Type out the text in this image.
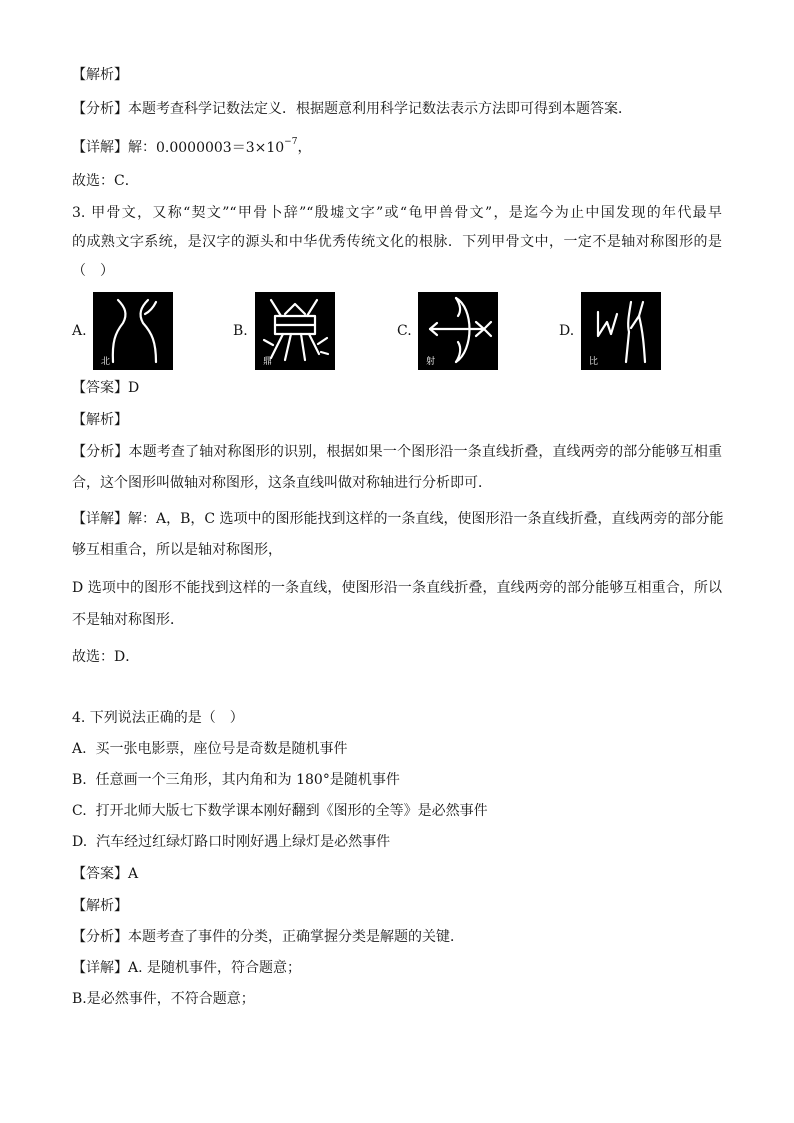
【解析】
【分析】本题考查科学记数法定义．根据题意利用科学记数法表示方法即可得到本题答案．
【详解】解：$0.0000003=3\times 10^{-7}$，
故选：C．
3. 甲骨文，又称“契文”“甲骨卜辞”“殷墟文字”或“龟甲兽骨文”，是迄今为止中国发现的年代最早
的成熟文字系统，是汉字的源头和中华优秀传统文化的根脉．下列甲骨文中，一定不是轴对称图形的是
（　）
A.
北
B.
鼎
C.
射
D.
比
【答案】D
【解析】
【分析】本题考查了轴对称图形的识别，根据如果一个图形沿一条直线折叠，直线两旁的部分能够互相重
合，这个图形叫做轴对称图形，这条直线叫做对称轴进行分析即可．
【详解】解：A，B，C 选项中的图形能找到这样的一条直线，使图形沿一条直线折叠，直线两旁的部分能
够互相重合，所以是轴对称图形，
D 选项中的图形不能找到这样的一条直线，使图形沿一条直线折叠，直线两旁的部分能够互相重合，所以
不是轴对称图形．
故选：D．
4. 下列说法正确的是（　）
A. 买一张电影票，座位号是奇数是随机事件
B. 任意画一个三角形，其内角和为 180°是随机事件
C. 打开北师大版七下数学课本刚好翻到《图形的全等》是必然事件
D. 汽车经过红绿灯路口时刚好遇上绿灯是必然事件
【答案】A
【解析】
【分析】本题考查了事件的分类，正确掌握分类是解题的关键．
【详解】A. 是随机事件，符合题意；
B.是必然事件，不符合题意；
